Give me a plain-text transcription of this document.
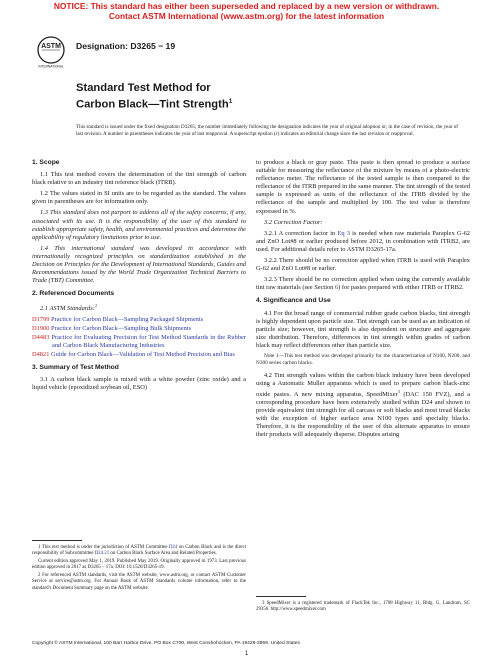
NOTICE: This standard has either been superseded and replaced by a new version or withdrawn.
Contact ASTM International (www.astm.org) for the latest information
ASTM
INTERNATIONAL
Designation: D3265 − 19
Standard Test Method for
Carbon Black—Tint Strength$^1$
This standard is issued under the fixed designation D3265; the number immediately following the designation indicates the year of original adoption or, in the case of revision, the year of last revision. A number in parentheses indicates the year of last reapproval. A superscript epsilon (ε) indicates an editorial change since the last revision or reapproval.
1. Scope

1.1 This test method covers the determination of the tint strength of carbon black relative to an industry tint reference black (ITRB).

1.2 The values stated in SI units are to be regarded as the standard. The values given in parentheses are for information only.

1.3 This standard does not purport to address all of the safety concerns, if any, associated with its use. It is the responsibility of the user of this standard to establish appropriate safety, health, and environmental practices and determine the applicability of regulatory limitations prior to use.

1.4 This international standard was developed in accordance with internationally recognized principles on standardization established in the Decision on Principles for the Development of International Standards, Guides and Recommendations issued by the World Trade Organization Technical Barriers to Trade (TBT) Committee.

2. Referenced Documents

2.1 ASTM Standards:$^2$

D1799 Practice for Carbon Black—Sampling Packaged Shipments
D1900 Practice for Carbon Black—Sampling Bulk Shipments
D4483 Practice for Evaluating Precision for Test Method Standards in the Rubber and Carbon Black Manufacturing Industries
D4821 Guide for Carbon Black—Validation of Test Method Precision and Bias
3. Summary of Test Method

3.1 A carbon black sample is mixed with a white powder (zinc oxide) and a liquid vehicle (epoxidized soybean oil, ESO)

to produce a black or gray paste. This paste is then spread to produce a surface suitable for measuring the reflectance of the mixture by means of a photo-electric reflectance meter. The reflectance of the tested sample is then compared to the reflectance of the ITRB prepared in the same manner. The tint strength of the tested sample is expressed as units of the reflectance of the ITRB divided by the reflectance of the sample and multiplied by 100. The test value is therefore expressed in %.

3.2 Correction Factor:

3.2.1 A correction factor in Eq 3 is needed when raw materials Paraplex G-62 and ZnO Lot#8 or earlier produced before 2012, in combination with ITRB2, are used. For additional details refer to ASTM D3265-17a.

3.2.2 There should be no correction applied when ITRB is used with Paraplex G-62 and ZnO Lot#8 or earlier.

3.2.3 There should be no correction applied when using the currently available tint raw materials (see Section 6) for pastes prepared with either ITRB or ITRB2.

4. Significance and Use

4.1 For the broad range of commercial rubber grade carbon blacks, tint strength is highly dependent upon particle size. Tint strength can be used as an indication of particle size; however, tint strength is also dependent on structure and aggregate size distribution. Therefore, differences in tint strength within grades of carbon black may reflect differences other than particle size.

Note 1—This test method was developed primarily for the characterization of N100, N200, and N300 series carbon blacks.

4.2 Tint strength values within the carbon black industry have been developed using a Automatic Muller apparatus which is used to prepare carbon black-zinc oxide pastes. A new mixing apparatus, SpeedMixer$^3$ (DAC 150 FVZ), and a corresponding procedure have been extensively studied within D24 and shown to provide equivalent tint strength for all carcass or soft blacks and most tread blacks with the exception of higher surface area N100 types and specialty blacks. Therefore, it is the responsibility of the user of this alternate apparatus to ensure their products will adequately disperse. Disputes arising

1 This test method is under the jurisdiction of ASTM Committee D24 on Carbon Black and is the direct responsibility of Subcommittee D24.21 on Carbon Black Surface Area and Related Properties.

Current edition approved May 1, 2019. Published May 2019. Originally approved in 1973. Last previous edition approved in 2017 as D3265 – 17a. DOI: 10.1520/D3265-19.

2 For referenced ASTM standards, visit the ASTM website, www.astm.org, or contact ASTM Customer Service at service@astm.org. For Annual Book of ASTM Standards volume information, refer to the standard's Document Summary page on the ASTM website.

3 SpeedMixer is a registered trademark of FlackTek Inc., 1708 Highway 11, Bldg. G, Landrum, SC 29356. http://www.speedmixer.com

Copyright © ASTM International, 100 Barr Harbor Drive, PO Box C700, West Conshohocken, PA 19428-2959. United States
1
